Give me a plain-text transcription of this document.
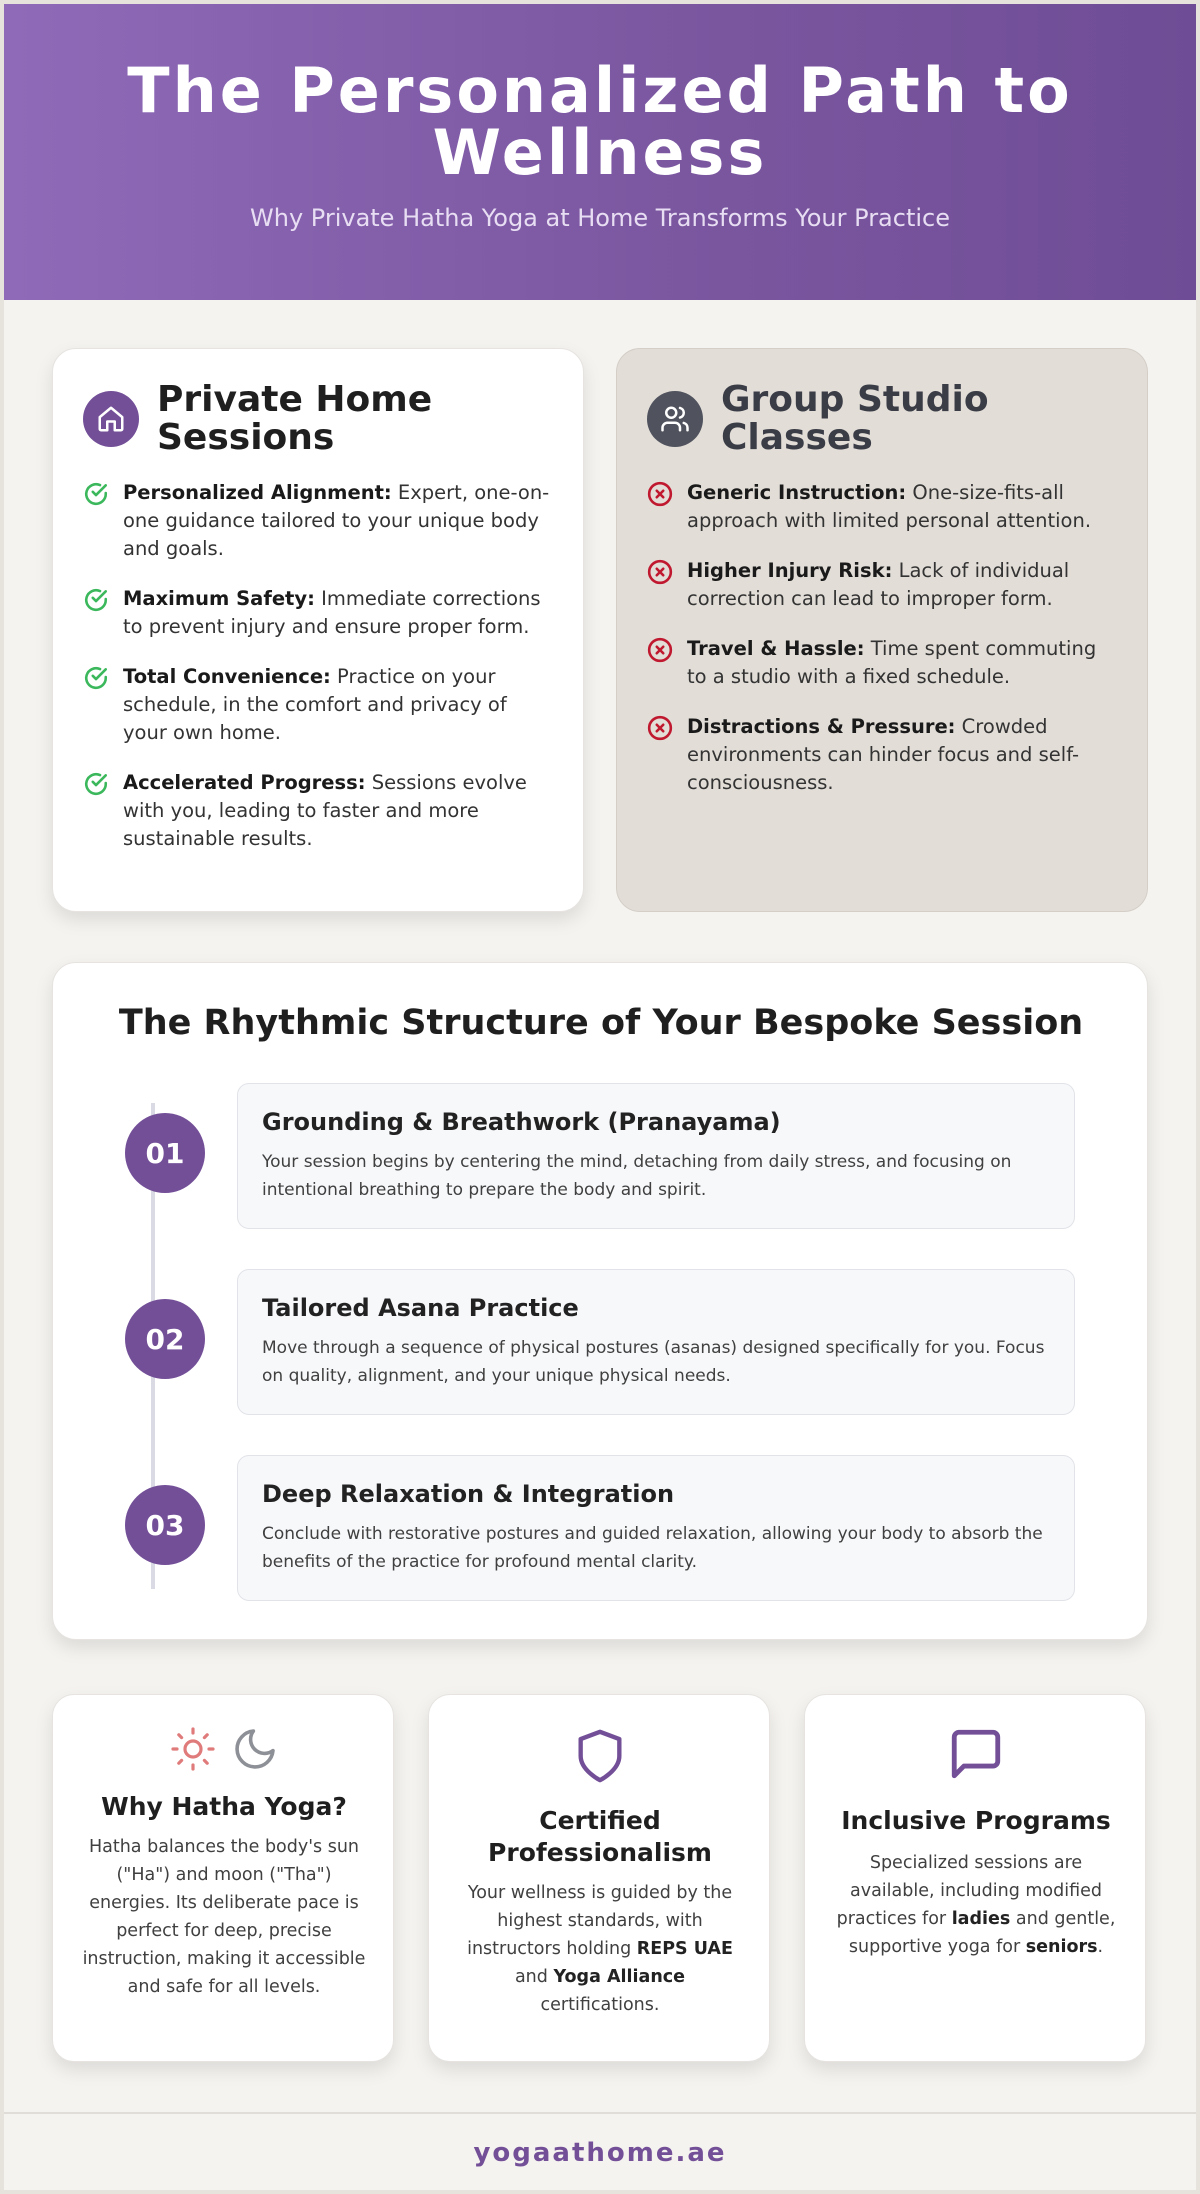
The Personalized Path to Wellness
Why Private Hatha Yoga at Home Transforms Your Practice
Private Home Sessions
Personalized Alignment: Expert, one-on-one guidance tailored to your unique body and goals.
Maximum Safety: Immediate corrections to prevent injury and ensure proper form.
Total Convenience: Practice on your schedule, in the comfort and privacy of your own home.
Accelerated Progress: Sessions evolve with you, leading to faster and more sustainable results.
Group Studio Classes
Generic Instruction: One-size-fits-all approach with limited personal attention.
Higher Injury Risk: Lack of individual correction can lead to improper form.
Travel & Hassle: Time spent commuting to a studio with a fixed schedule.
Distractions & Pressure: Crowded environments can hinder focus and self-consciousness.
The Rhythmic Structure of Your Bespoke Session
01
Grounding & Breathwork (Pranayama)
Your session begins by centering the mind, detaching from daily stress, and focusing on intentional breathing to prepare the body and spirit.
02
Tailored Asana Practice
Move through a sequence of physical postures (asanas) designed specifically for you. Focus on quality, alignment, and your unique physical needs.
03
Deep Relaxation & Integration
Conclude with restorative postures and guided relaxation, allowing your body to absorb the benefits of the practice for profound mental clarity.
Why Hatha Yoga?
Hatha balances the body's sun ("Ha") and moon ("Tha") energies. Its deliberate pace is perfect for deep, precise instruction, making it accessible and safe for all levels.
Certified Professionalism
Your wellness is guided by the highest standards, with instructors holding REPS UAE and Yoga Alliance certifications.
Inclusive Programs
Specialized sessions are available, including modified practices for ladies and gentle, supportive yoga for seniors.
yogaathome.ae
